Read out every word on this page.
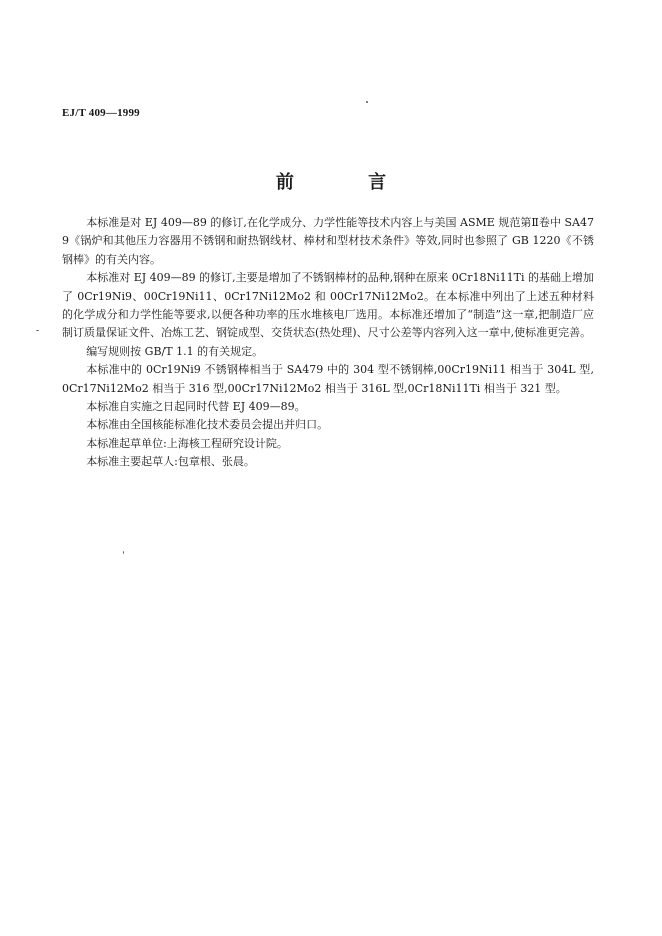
EJ/T 409—1999
前 言

本标准是对 EJ 409—89 的修订,在化学成分、力学性能等技术内容上与美国 ASME 规范第Ⅱ卷中 SA479《锅炉和其他压力容器用不锈钢和耐热钢线材、棒材和型材技术条件》等效,同时也参照了 GB 1220《不锈钢棒》的有关内容。

本标准对 EJ 409—89 的修订,主要是增加了不锈钢棒材的品种,钢种在原来 0Cr18Ni11Ti 的基础上增加了 0Cr19Ni9、00Cr19Ni11、0Cr17Ni12Mo2 和 00Cr17Ni12Mo2。在本标准中列出了上述五种材料的化学成分和力学性能等要求,以便各种功率的压水堆核电厂选用。本标准还增加了“制造”这一章,把制造厂应制订质量保证文件、冶炼工艺、钢锭成型、交货状态(热处理)、尺寸公差等内容列入这一章中,使标准更完善。

编写规则按 GB/T 1.1 的有关规定。

本标准中的 0Cr19Ni9 不锈钢棒相当于 SA479 中的 304 型不锈钢棒,00Cr19Ni11 相当于 304L 型,0Cr17Ni12Mo2 相当于 316 型,00Cr17Ni12Mo2 相当于 316L 型,0Cr18Ni11Ti 相当于 321 型。

本标准自实施之日起同时代替 EJ 409—89。

本标准由全国核能标准化技术委员会提出并归口。

本标准起草单位:上海核工程研究设计院。

本标准主要起草人:包章根、张晨。
